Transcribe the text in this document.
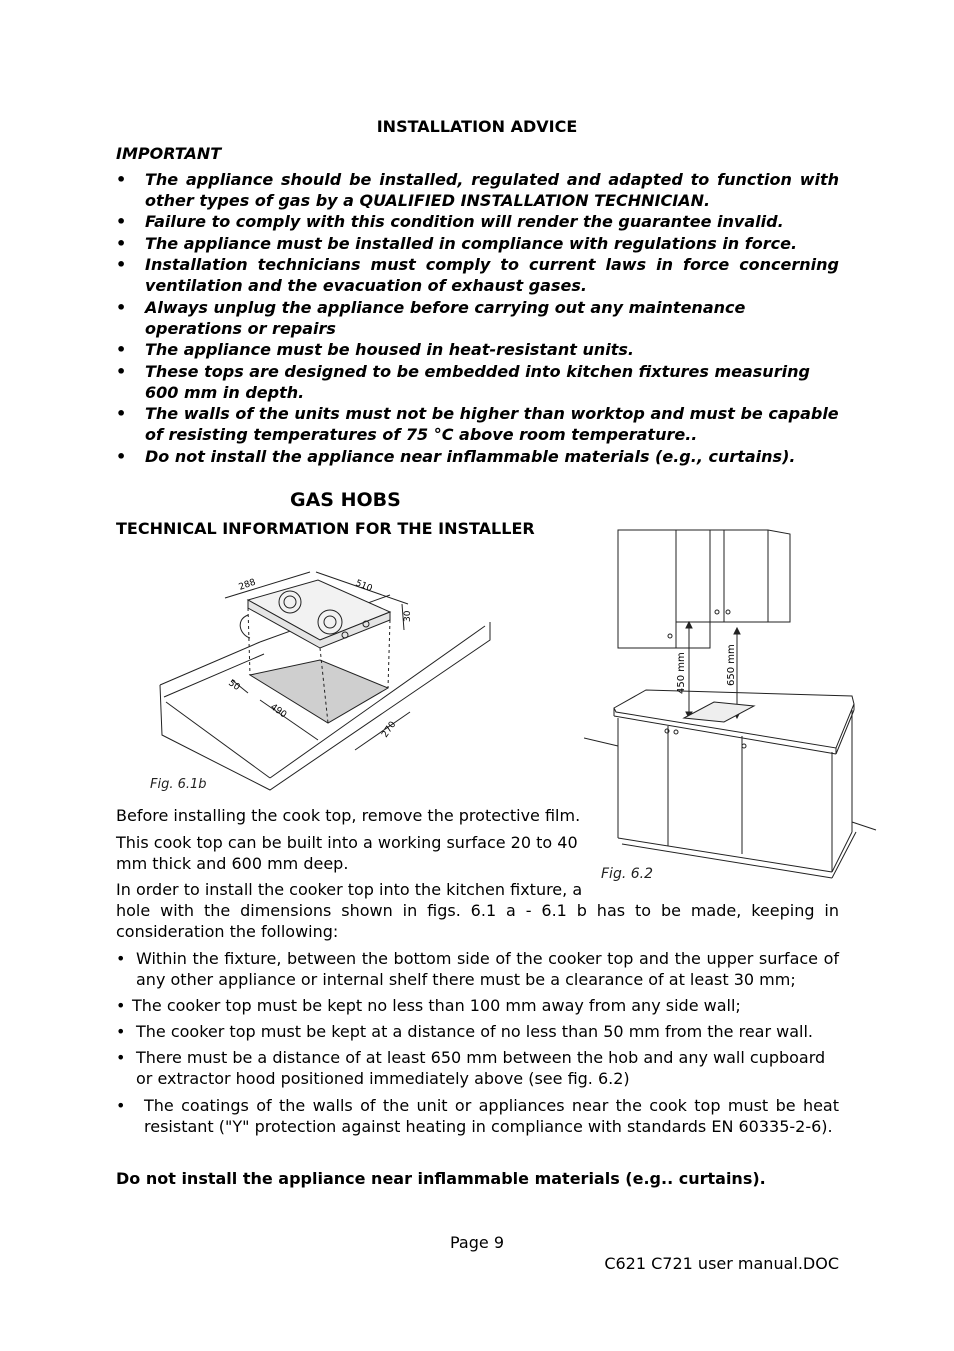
INSTALLATION ADVICE
IMPORTANT
The appliance should be installed, regulated and adapted to function with other types of gas by a QUALIFIED INSTALLATION TECHNICIAN.
•
Failure to comply with this condition will render the guarantee invalid.
•
The appliance must be installed in compliance with regulations in force.
•
Installation technicians must comply to current laws in force concerning ventilation and the evacuation of exhaust gases.
•
Always unplug the appliance before carrying out any maintenance operations or repairs
•
The appliance must be housed in heat-resistant units.
•
These tops are designed to be embedded into kitchen fixtures measuring 600 mm in depth.
•
The walls of the units must not be higher than worktop and must be capable of resisting temperatures of 75 °C above room temperature..
•
Do not install the appliance near inflammable materials (e.g., curtains).
•
GAS HOBS
TECHNICAL INFORMATION FOR THE INSTALLER
288	510
30
50
490
270
Fig. 6.1b
450 mm	650 mm
Fig. 6.2
Before installing the cook top, remove the protective film.
This cook top can be built into a working surface 20 to 40
mm thick and 600 mm deep.
In order to install the cooker top into the kitchen fixture, a
hole with the dimensions shown in figs. 6.1 a - 6.1 b has to be made, keeping in consideration the following:
• Within the fixture, between the bottom side of the cooker top and the upper surface of any other appliance or internal shelf there must be a clearance of at least 30 mm;
• The cooker top must be kept no less than 100 mm away from any side wall;
• The cooker top must be kept at a distance of no less than 50 mm from the rear wall.
• There must be a distance of at least 650 mm between the hob and any wall cupboard or extractor hood positioned immediately above (see fig. 6.2)
• The coatings of the walls of the unit or appliances near the cook top must be heat resistant ("Y" protection against heating in compliance with standards EN 60335-2-6).
Do not install the appliance near inflammable materials (e.g.. curtains).
Page 9
C621 C721 user manual.DOC
